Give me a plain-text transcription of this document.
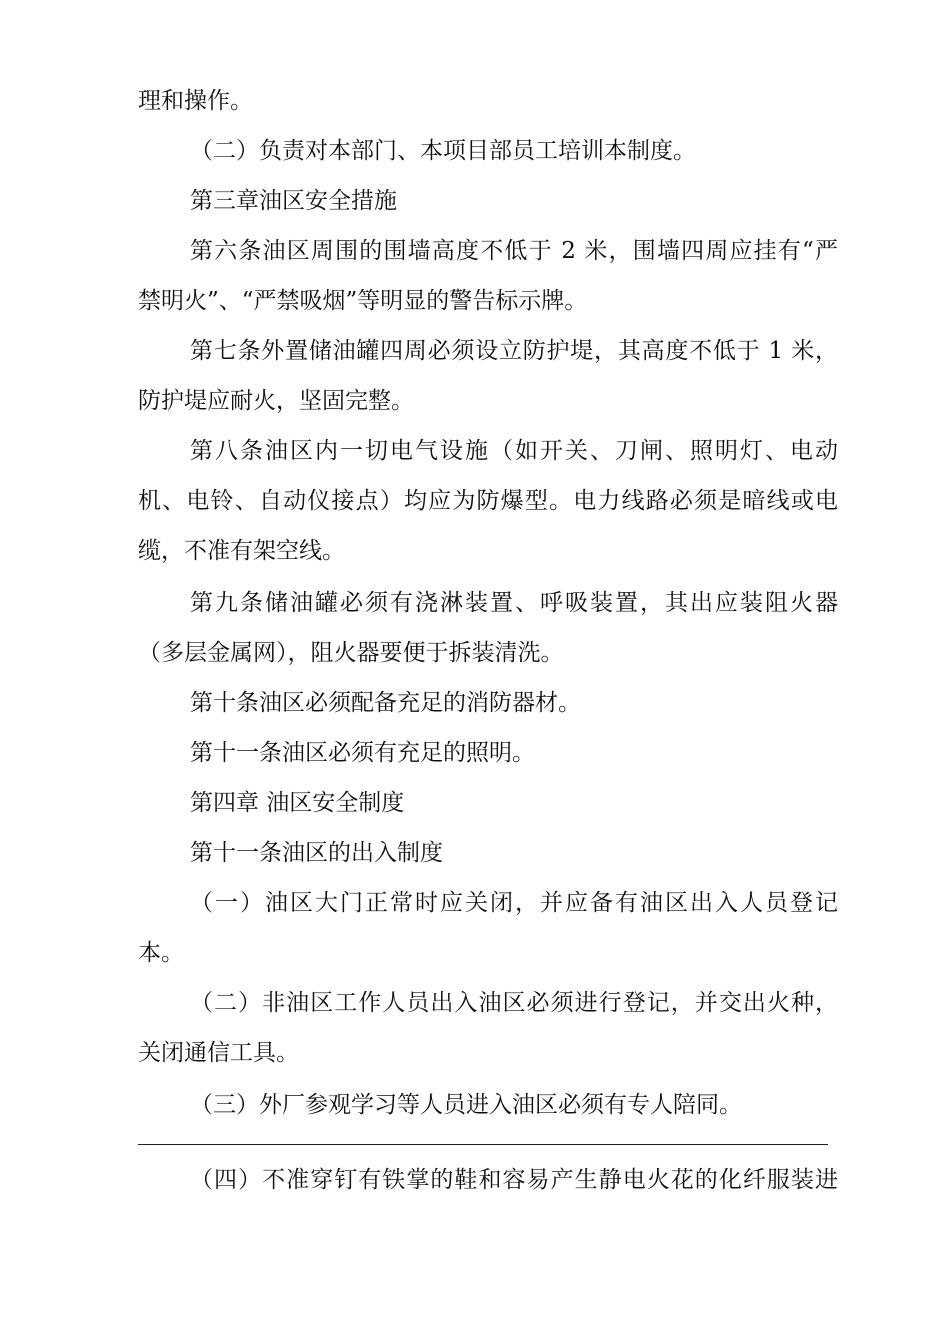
理和操作。

（二）负责对本部门、本项目部员工培训本制度。

第三章油区安全措施

第六条油区周围的围墙高度不低于 2 米，围墙四周应挂有“严

禁明火”、“严禁吸烟”等明显的警告标示牌。

第七条外置储油罐四周必须设立防护堤，其高度不低于 1 米，

防护堤应耐火，坚固完整。

第八条油区内一切电气设施（如开关、刀闸、照明灯、电动

机、电铃、自动仪接点）均应为防爆型。电力线路必须是暗线或电

缆，不准有架空线。

第九条储油罐必须有浇淋装置、呼吸装置，其出应装阻火器

（多层金属网），阻火器要便于拆装清洗。

第十条油区必须配备充足的消防器材。

第十一条油区必须有充足的照明。

第四章 油区安全制度

第十一条油区的出入制度

（一）油区大门正常时应关闭，并应备有油区出入人员登记

本。

（二）非油区工作人员出入油区必须进行登记，并交出火种，

关闭通信工具。

（三）外厂参观学习等人员进入油区必须有专人陪同。

（四）不准穿钉有铁掌的鞋和容易产生静电火花的化纤服装进
